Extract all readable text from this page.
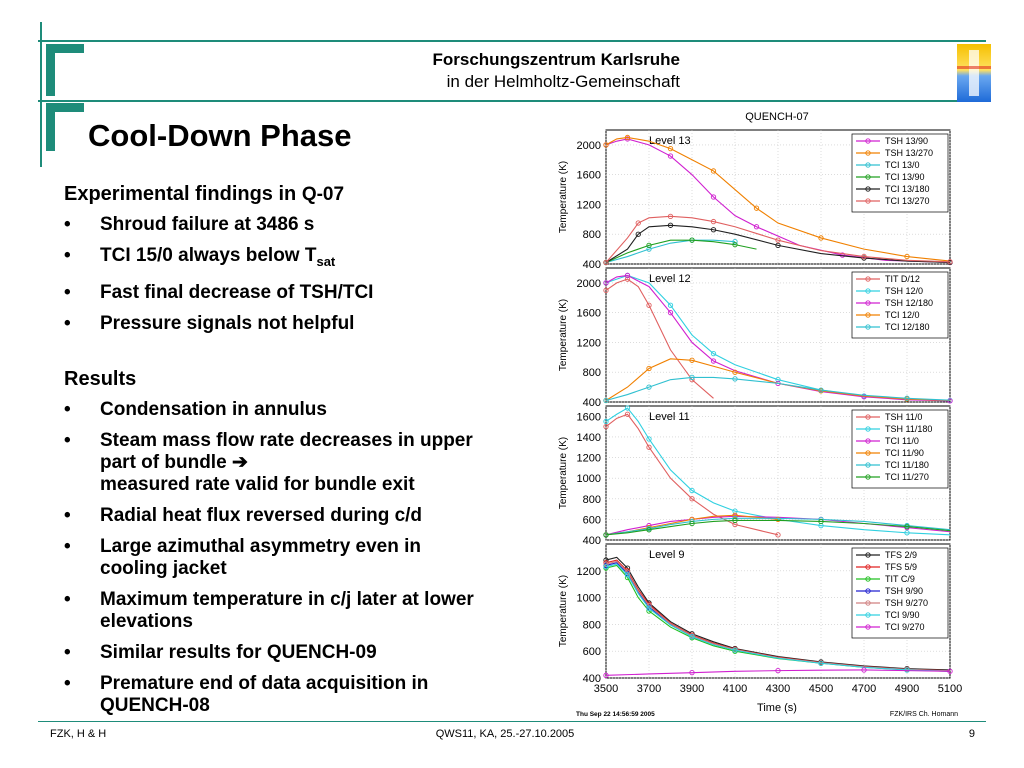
Forschungszentrum Karlsruhe
in der Helmholtz-Gemeinschaft
Cool-Down Phase
Experimental findings in Q-07
• Shroud failure at 3486 s
• TCI 15/0 always below $T_{sat}$
• Fast final decrease of TSH/TCI
• Pressure signals not helpful
Results
• Condensation in annulus
• Steam mass flow rate decreases in upper part of bundle ➔
measured rate valid for bundle exit
• Radial heat flux reversed during c/d
• Large azimuthal asymmetry even in cooling jacket
• Maximum temperature in c/j later at lower elevations
• Similar results for QUENCH-09
• Premature end of data acquisition in QUENCH-08
QUENCH-07
400
800
1200
1600
2000
Temperature (K)
Level 13	TSH 13/90
TSH 13/270
TCI 13/0
TCI 13/90
TCI 13/180
TCI 13/270
400
800
1200
1600
2000
Temperature (K)
Level 12	TIT D/12
TSH 12/0
TSH 12/180
TCI 12/0
TCI 12/180
400
600
800
1000
1200
1400
1600
Temperature (K)
Level 11	TSH 11/0
TSH 11/180
TCI 11/0
TCI 11/90
TCI 11/180
TCI 11/270
400
600
800
1000
1200
Temperature (K)
Level 9	TFS 2/9
TFS 5/9
TIT C/9
TSH 9/90
TSH 9/270
TCI 9/90
TCI 9/270
3500 3700 3900 4100 4300 4500 4700 4900 5100
Time (s)
Thu Sep 22 14:56:59 2005	FZK/IRS Ch. Homann
FZK, H & H	QWS11, KA, 25.-27.10.2005	9
